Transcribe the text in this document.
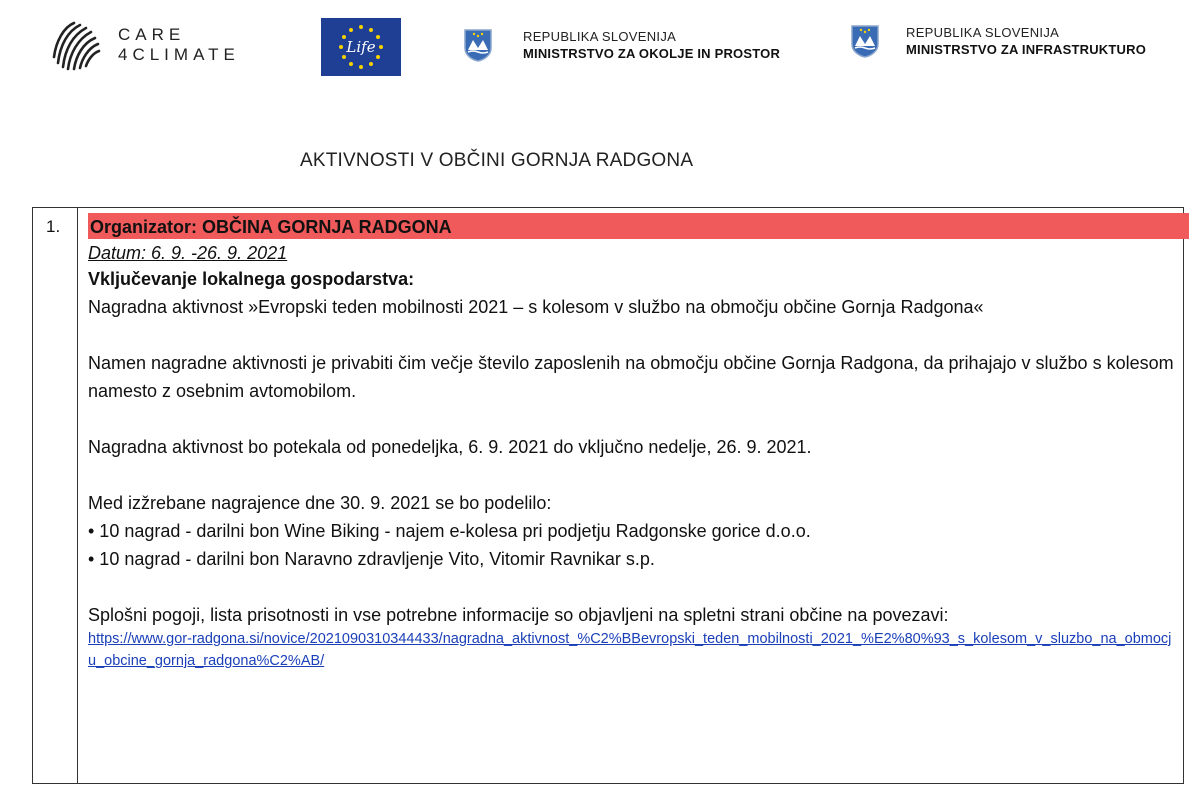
CARE
4CLIMATE	Life
REPUBLIKA SLOVENIJA
MINISTRSTVO ZA OKOLJE IN PROSTOR
REPUBLIKA SLOVENIJA
MINISTRSTVO ZA INFRASTRUKTURO
AKTIVNOSTI V OBČINI GORNJA RADGONA
1. Organizator: OBČINA GORNJA RADGONA
Datum: 6. 9. -26. 9. 2021

Vključevanje lokalnega gospodarstva:

Nagradna aktivnost »Evropski teden mobilnosti 2021 – s kolesom v službo na območju občine Gornja Radgona«

Namen nagradne aktivnosti je privabiti čim večje število zaposlenih na območju občine Gornja Radgona, da prihajajo v službo s kolesom namesto z osebnim avtomobilom.

Nagradna aktivnost bo potekala od ponedeljka, 6. 9. 2021 do vključno nedelje, 26. 9. 2021.

Med izžrebane nagrajence dne 30. 9. 2021 se bo podelilo:

• 10 nagrad - darilni bon Wine Biking - najem e-kolesa pri podjetju Radgonske gorice d.o.o.

• 10 nagrad - darilni bon Naravno zdravljenje Vito, Vitomir Ravnikar s.p.

Splošni pogoji, lista prisotnosti in vse potrebne informacije so objavljeni na spletni strani občine na povezavi:

https://www.gor-radgona.si/novice/2021090310344433/nagradna_aktivnost_%C2%BBevropski_teden_mobilnosti_2021_%E2%80%93_s_kolesom_v_sluzbo_na_obmocju_obcine_gornja_radgona%C2%AB/
